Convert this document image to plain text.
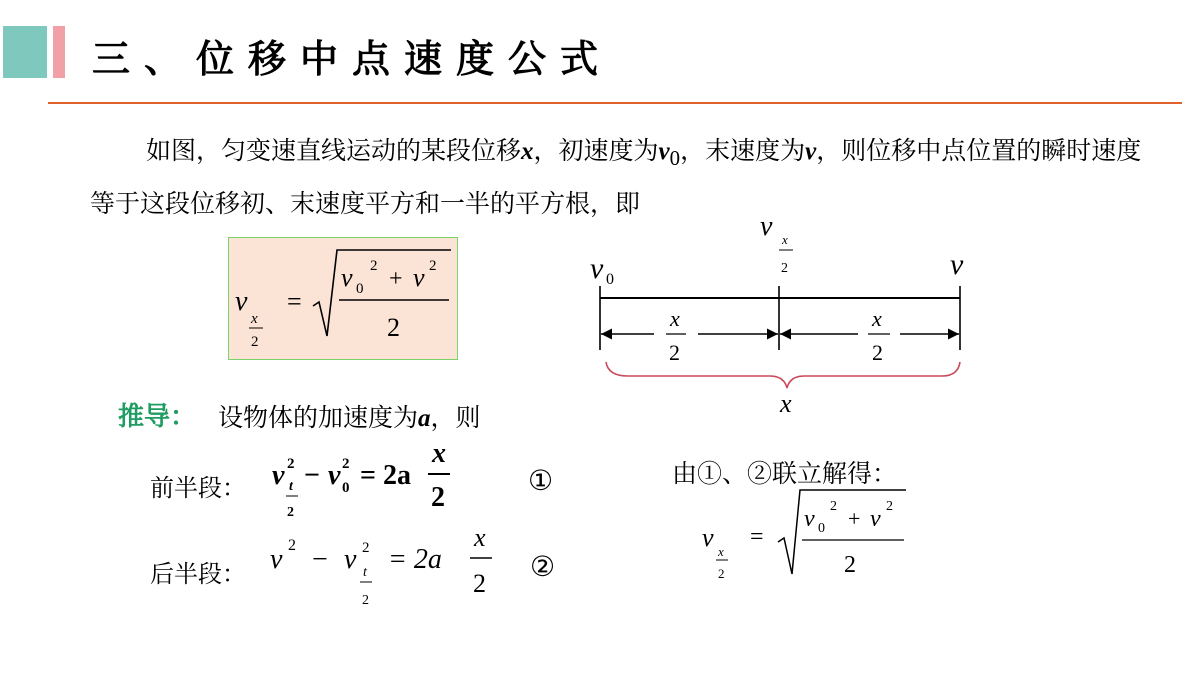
三、位移中点速度公式
如图，匀变速直线运动的某段位移x，初速度为$v_0$，末速度为v，则位移中点位置的瞬时速度等于这段位移初、末速度平方和一半的平方根，即
v
x
2
=
v 0
2 + v 2
2
v 0
v x
2	v
x
2
x
2
x
推导： 设物体的加速度为a，则
前半段： v 2
t
2
− v 0
2 = 2a
x
2
①
后半段： v 2 − v 2
t
2
= 2a
x
2
②
由①、②联立解得：
v x
2
=
v 0
2 + v 2
2
